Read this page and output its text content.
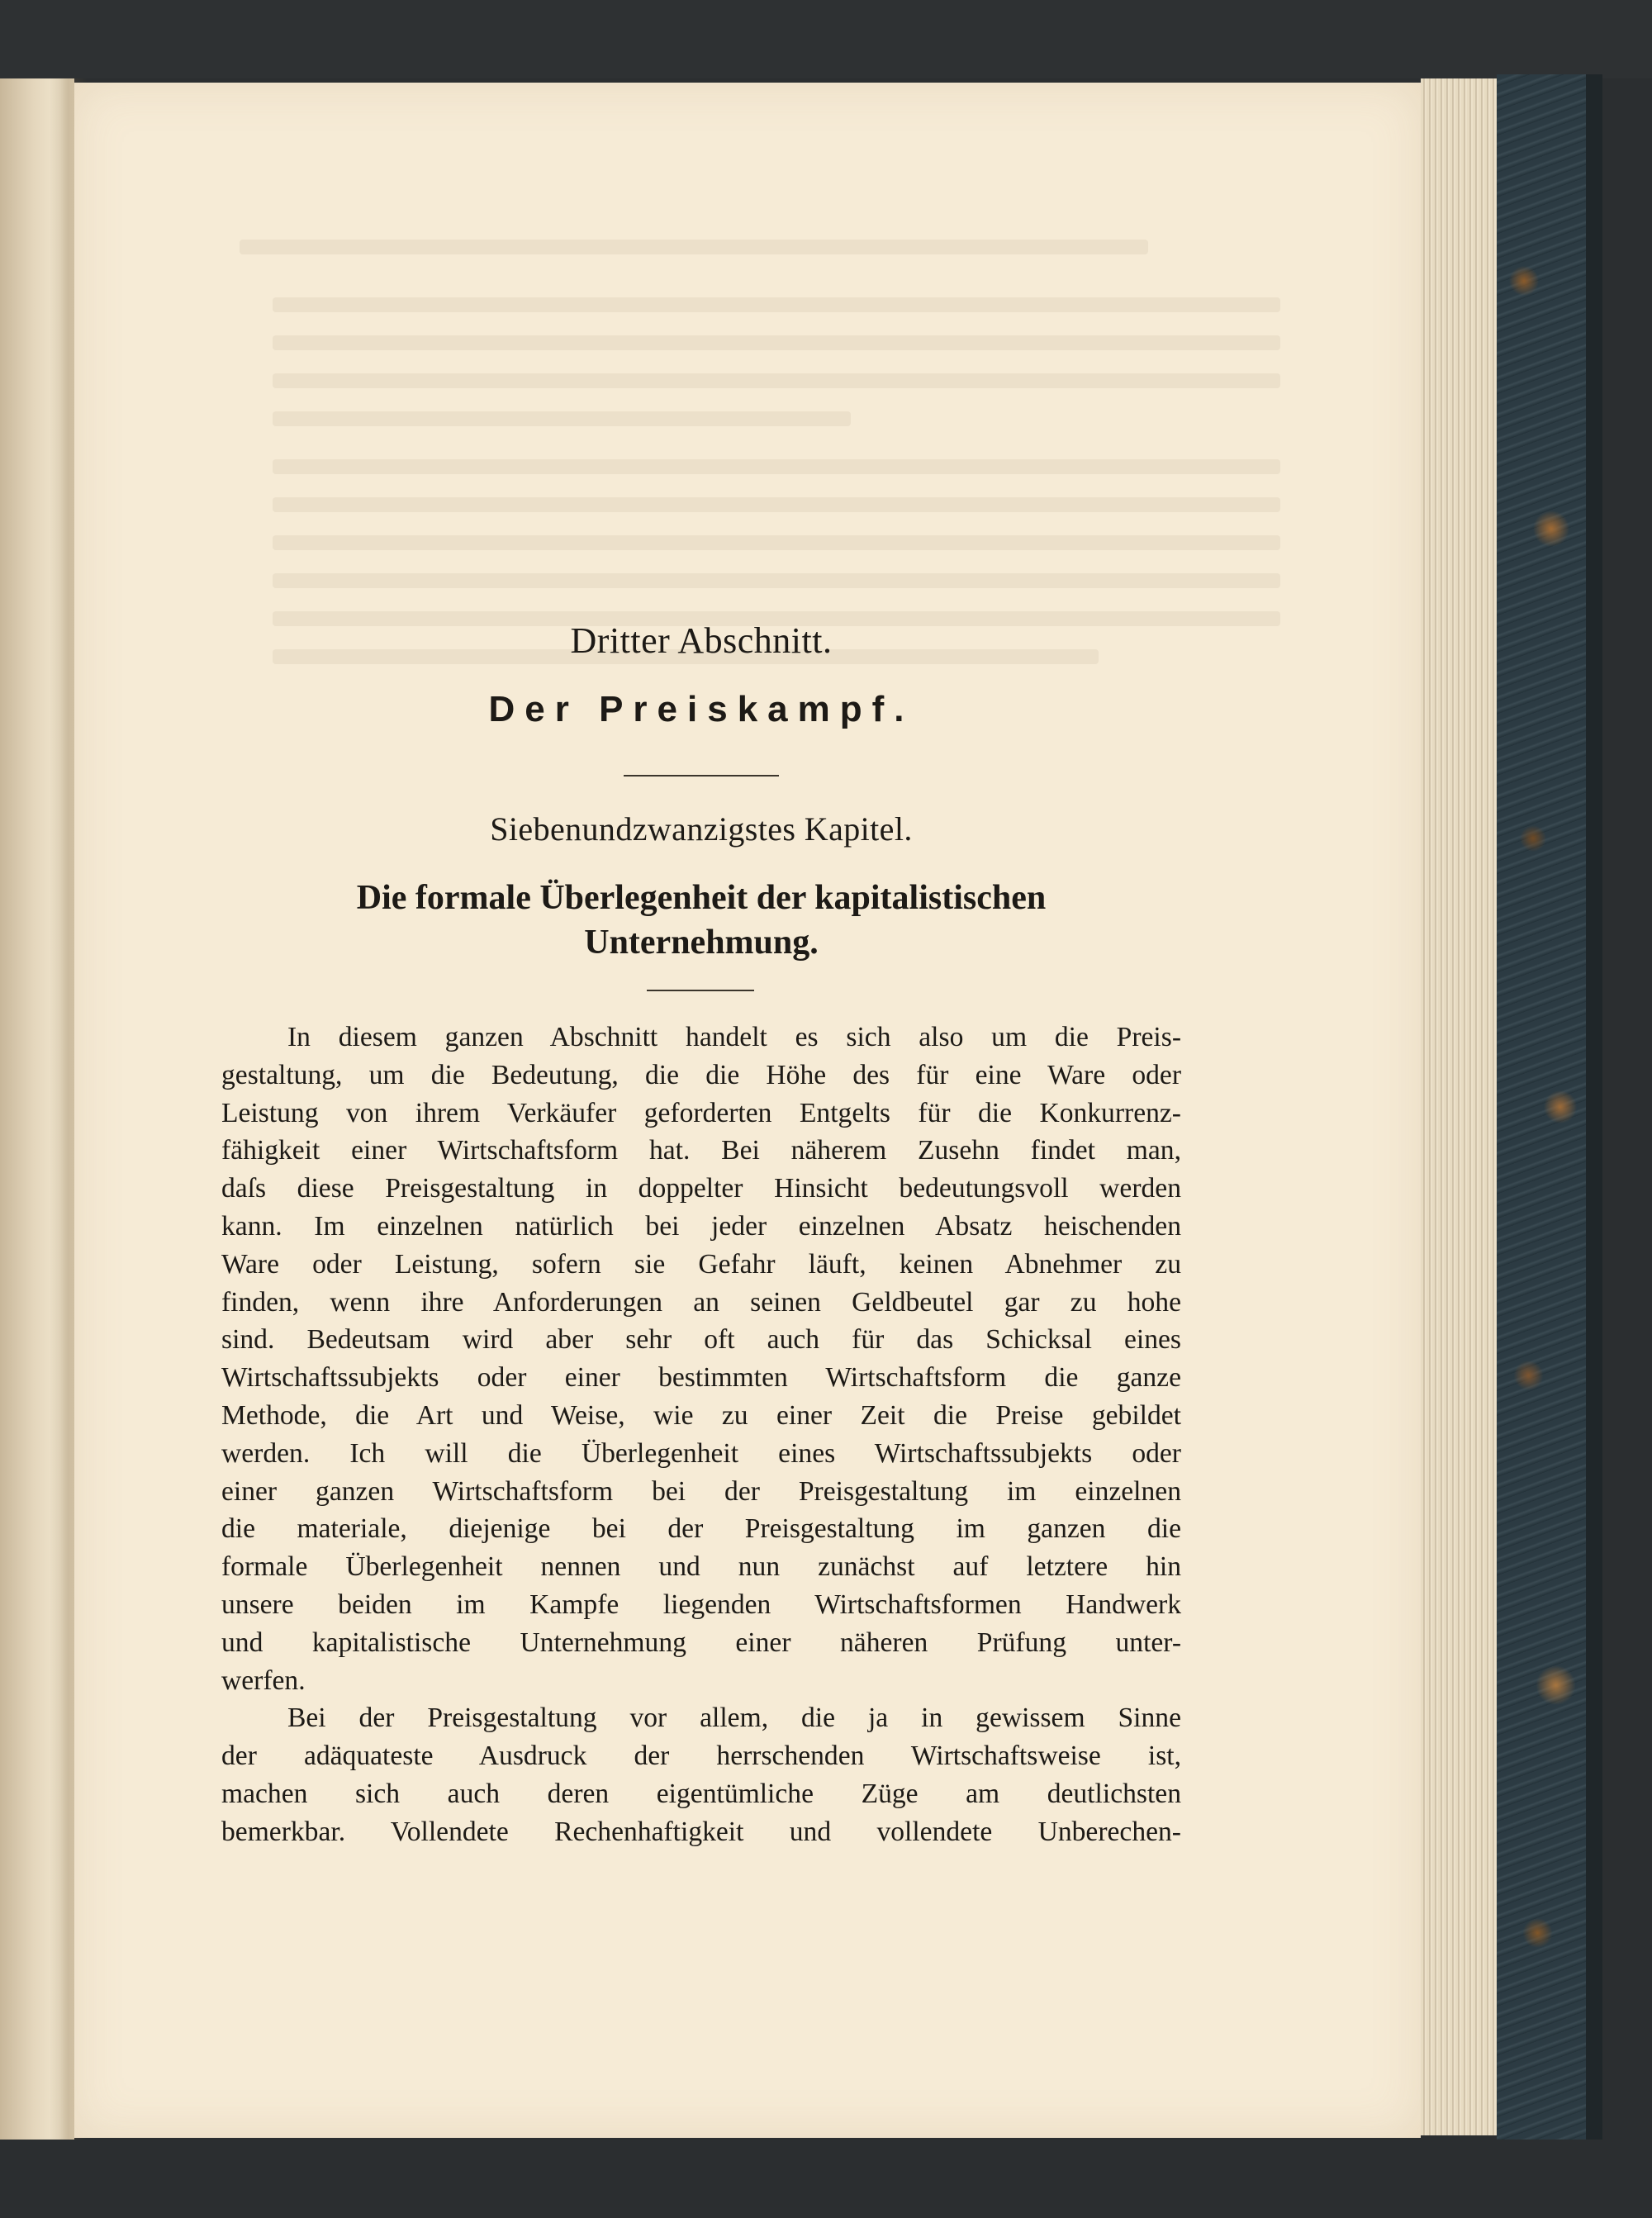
Dritter Abschnitt.
Der Preiskampf.
Siebenundzwanzigstes Kapitel.
Die formale Überlegenheit der kapitalistischen
Unternehmung.
In diesem ganzen Abschnitt handelt es sich also um die Preis-
gestaltung, um die Bedeutung, die die Höhe des für eine Ware oder
Leistung von ihrem Verkäufer geforderten Entgelts für die Konkurrenz-
fähigkeit einer Wirtschaftsform hat. Bei näherem Zusehn findet man,
daſs diese Preisgestaltung in doppelter Hinsicht bedeutungsvoll werden
kann. Im einzelnen natürlich bei jeder einzelnen Absatz heischenden
Ware oder Leistung, sofern sie Gefahr läuft, keinen Abnehmer zu
finden, wenn ihre Anforderungen an seinen Geldbeutel gar zu hohe
sind. Bedeutsam wird aber sehr oft auch für das Schicksal eines
Wirtschaftssubjekts oder einer bestimmten Wirtschaftsform die ganze
Methode, die Art und Weise, wie zu einer Zeit die Preise gebildet
werden. Ich will die Überlegenheit eines Wirtschaftssubjekts oder
einer ganzen Wirtschaftsform bei der Preisgestaltung im einzelnen
die materiale, diejenige bei der Preisgestaltung im ganzen die
formale Überlegenheit nennen und nun zunächst auf letztere hin
unsere beiden im Kampfe liegenden Wirtschaftsformen Handwerk
und kapitalistische Unternehmung einer näheren Prüfung unter-
werfen.
Bei der Preisgestaltung vor allem, die ja in gewissem Sinne
der adäquateste Ausdruck der herrschenden Wirtschaftsweise ist,
machen sich auch deren eigentümliche Züge am deutlichsten
bemerkbar. Vollendete Rechenhaftigkeit und vollendete Unberechen-
